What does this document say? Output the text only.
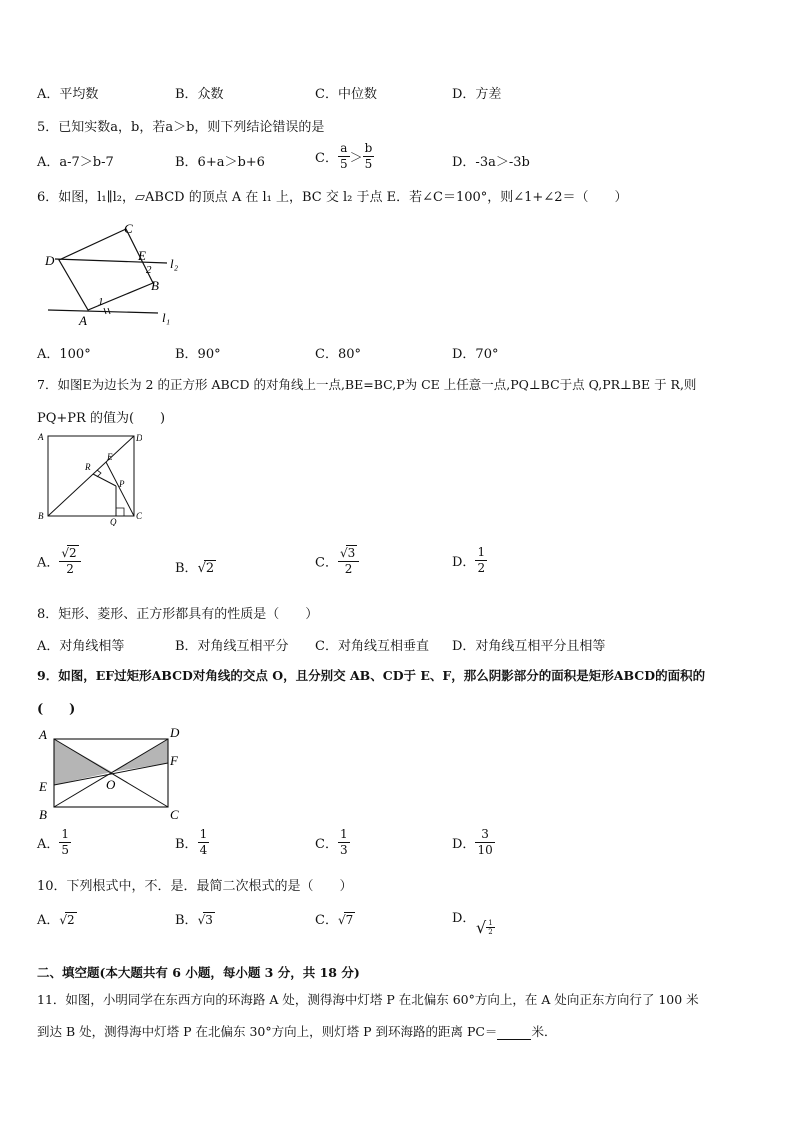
A．平均数	B．众数	C．中位数	D．方差
5．已知实数a，b，若a＞b，则下列结论错误的是
A．a-7＞b-7	B．6+a＞b+6	C． $\frac{a}{5} > \frac{b}{5}$	D．-3a＞-3b
6．如图，l₁∥l₂，▱ABCD 的顶点 A 在 l₁ 上，BC 交 l₂ 于点 E．若∠C＝100°，则∠1+∠2＝（　　）
D
C
E
2 l₂
B
A
1
l₁
A．100°	B．90°	C．80°	D．70°
7．如图E为边长为 2 的正方形 ABCD 的对角线上一点,BE=BC,P为 CE 上任意一点,PQ⊥BC于点 Q,PR⊥BE 于 R,则
PQ+PR 的值为(　　)
A	D
B	C
E
R
P
Q
A． $\frac{√2}{2}$	B．√2	C． $\frac{√3}{2}$	D． $\frac{1}{2}$
8．矩形、菱形、正方形都具有的性质是（　　）
A．对角线相等	B．对角线互相平分 C．对角线互相垂直 D．对角线互相平分且相等
9．如图，EF过矩形ABCD对角线的交点 O，且分别交 AB、CD于 E、F，那么阴影部分的面积是矩形ABCD的面积的
(　　)
A	D
F
E	O
B	C
A． $\frac{1}{5}$	B． $\frac{1}{4}$	C． $\frac{1}{3}$	D． $\frac{3}{10}$
10．下列根式中，不．是．最简二次根式的是（　　）
A．√2	B．√3	C．√7	D． √ $\frac{1}{2}$
二、填空题(本大题共有 6 小题，每小题 3 分，共 18 分)
11．如图，小明同学在东西方向的环海路 A 处，测得海中灯塔 P 在北偏东 60°方向上，在 A 处向正东方向行了 100 米
到达 B 处，测得海中灯塔 P 在北偏东 30°方向上，则灯塔 P 到环海路的距离 PC＝	米．
